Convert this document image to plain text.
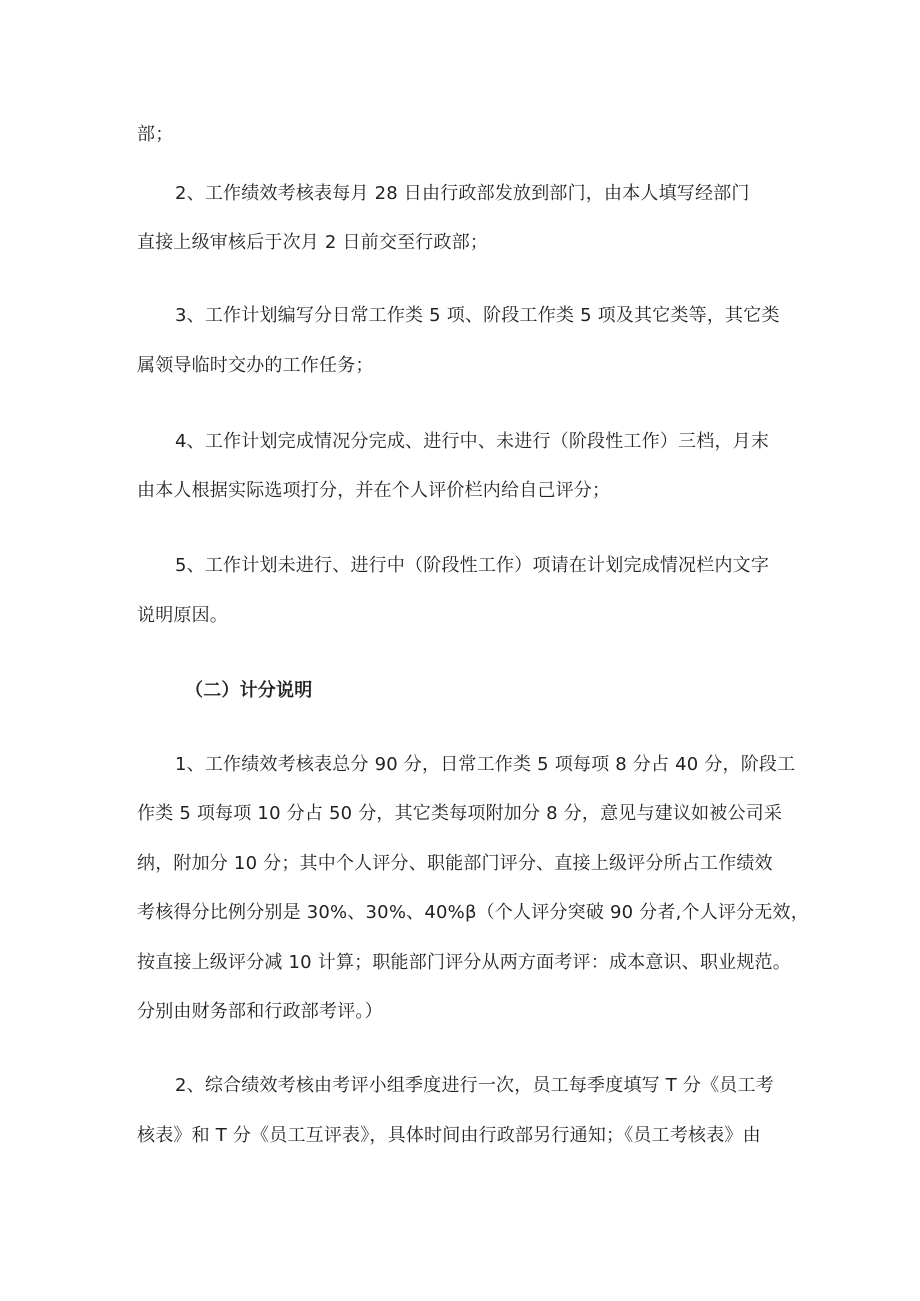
部；
2、工作绩效考核表每月 28 日由行政部发放到部门，由本人填写经部门
直接上级审核后于次月 2 日前交至行政部；
3、工作计划编写分日常工作类 5 项、阶段工作类 5 项及其它类等，其它类
属领导临时交办的工作任务；
4、工作计划完成情况分完成、进行中、未进行（阶段性工作）三档，月末
由本人根据实际选项打分，并在个人评价栏内给自己评分；
5、工作计划未进行、进行中（阶段性工作）项请在计划完成情况栏内文字
说明原因。
（二）计分说明
1、工作绩效考核表总分 90 分，日常工作类 5 项每项 8 分占 40 分，阶段工
作类 5 项每项 10 分占 50 分，其它类每项附加分 8 分，意见与建议如被公司采
纳，附加分 10 分；其中个人评分、职能部门评分、直接上级评分所占工作绩效
考核得分比例分别是 30%、30%、40%β（个人评分突破 90 分者,个人评分无效，
按直接上级评分减 10 计算；职能部门评分从两方面考评：成本意识、职业规范。
分别由财务部和行政部考评。）
2、综合绩效考核由考评小组季度进行一次，员工每季度填写 T 分《员工考
核表》和 T 分《员工互评表》，具体时间由行政部另行通知；《员工考核表》由
